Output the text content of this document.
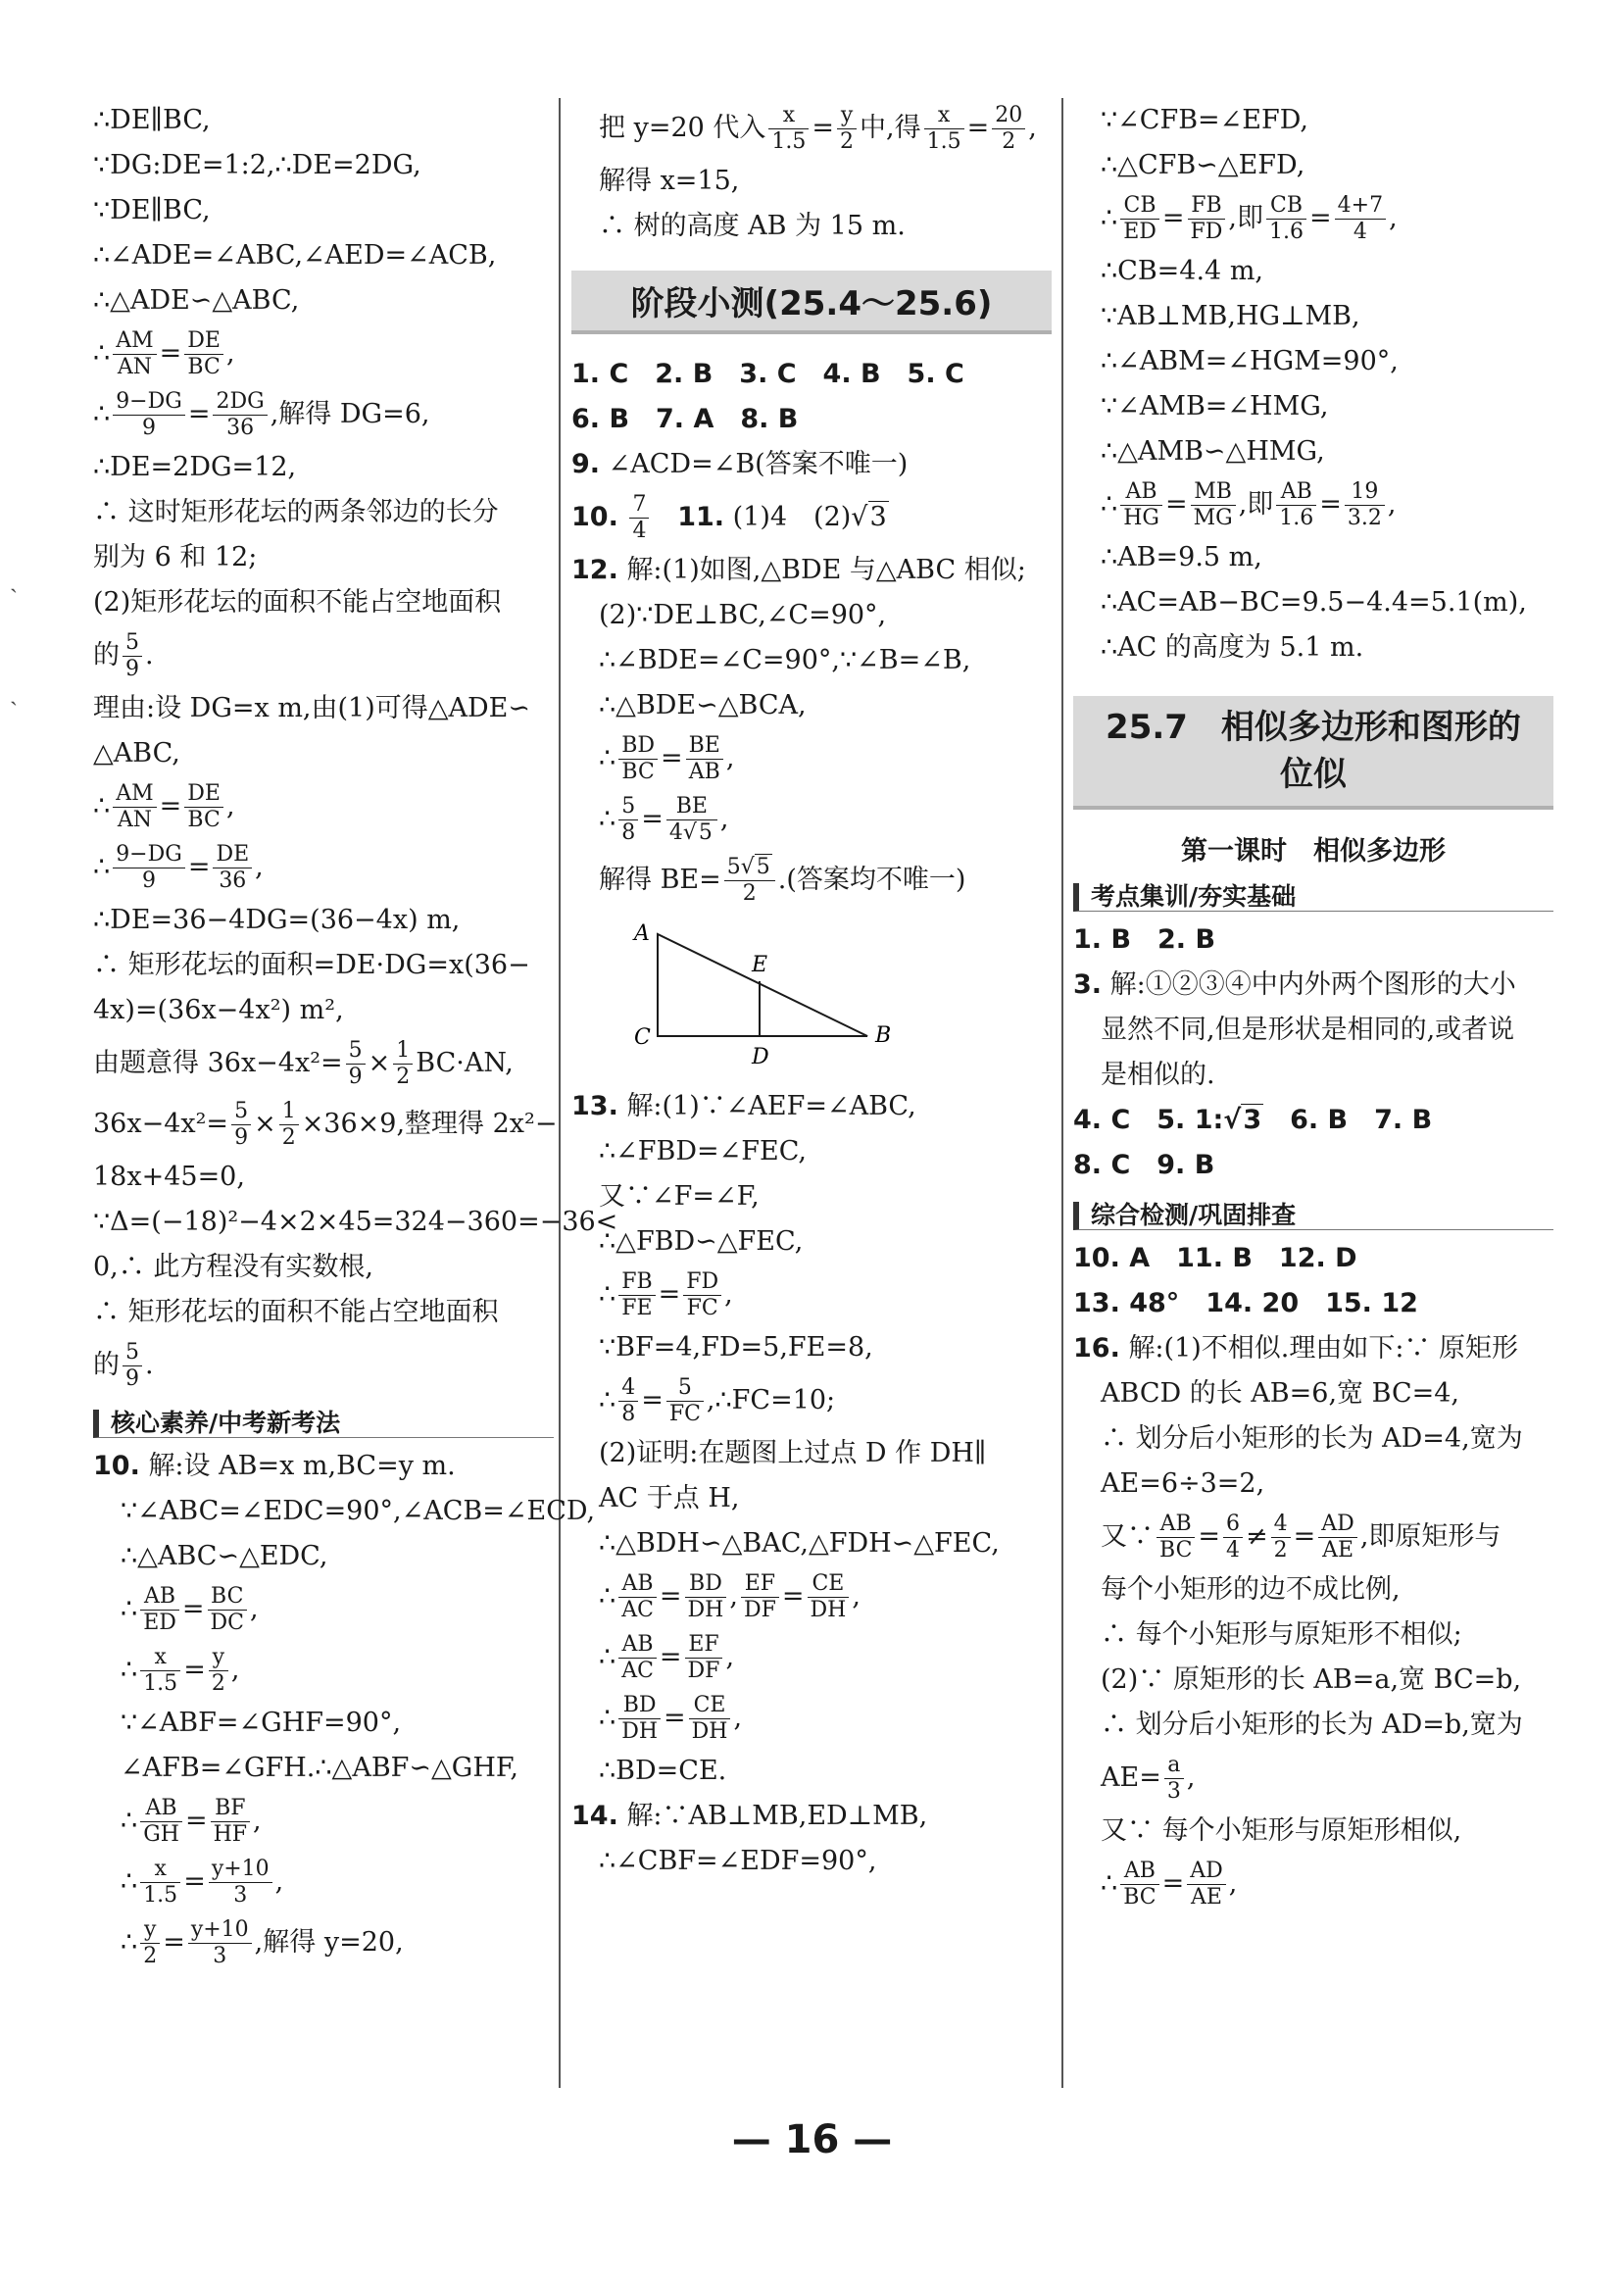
˴
˴
∴DE∥BC,
∵DG:DE=1:2,∴DE=2DG,
∵DE∥BC,
∴∠ADE=∠ABC,∠AED=∠ACB,
∴△ADE∽△ABC,
∴ $\frac{AM}{AN} = \frac{DE}{BC}$ ,
∴ $\frac{9-DG}{9} = \frac{2DG}{36}$ ,解得 DG=6,
∴DE=2DG=12,
∴ 这时矩形花坛的两条邻边的长分
别为 6 和 12;
(2)矩形花坛的面积不能占空地面积
的 $\frac{5}{9}$ .
理由:设 DG=x m,由(1)可得△ADE∽
△ABC,
∴ $\frac{AM}{AN} = \frac{DE}{BC}$ ,
∴ $\frac{9-DG}{9} = \frac{DE}{36}$ ,
∴DE=36−4DG=(36−4x) m,
∴ 矩形花坛的面积=DE·DG=x(36−
4x)=(36x−4x²) m²,
由题意得 $36x-4x^2= \frac{5}{9} \times \frac{1}{2} BC\cdot AN$,
$36x-4x^2= \frac{5}{9} \times \frac{1}{2} \times 36\times 9$,整理得 2x²−
18x+45=0,
∵Δ=(−18)²−4×2×45=324−360=−36<
0,∴ 此方程没有实数根,
∴ 矩形花坛的面积不能占空地面积
的 $\frac{5}{9}$ .
核心素养/中考新考法
10. 解:设 AB=x m,BC=y m.
∵∠ABC=∠EDC=90°,∠ACB=∠ECD,
∴△ABC∽△EDC,
∴ $\frac{AB}{ED} = \frac{BC}{DC}$ ,
∴ $\frac{x}{1.5} = \frac{y}{2}$ ,
∵∠ABF=∠GHF=90°,
∠AFB=∠GFH.∴△ABF∽△GHF,
∴ $\frac{AB}{GH} = \frac{BF}{HF}$ ,
∴ $\frac{x}{1.5} = \frac{y+10}{3}$ ,
∴ $\frac{y}{2} = \frac{y+10}{3}$ ,解得 y=20,
把 y=20 代入 $\frac{x}{1.5} = \frac{y}{2}$ 中,得 $\frac{x}{1.5} = \frac{20}{2}$ ,
解得 x=15,
∴ 树的高度 AB 为 15 m.
阶段小测(25.4～25.6)
1. C　2. B　3. C　4. B　5. C
6. B　7. A　8. B
9. ∠ACD=∠B(答案不唯一)
10. $\frac{7}{4} 11$. (1)4　(2)√3
12. 解:(1)如图,△BDE 与△ABC 相似;
(2)∵DE⊥BC,∠C=90°,
∴∠BDE=∠C=90°,∵∠B=∠B,
∴△BDE∽△BCA,
∴ $\frac{BD}{BC} = \frac{BE}{AB}$ ,
∴ $\frac{5}{8} = \frac{BE}{4√5}$ ,
解得 $BE= \frac{5√5}{2}$ .(答案均不唯一)
A
E
C
D
B
13. 解:(1)∵∠AEF=∠ABC,
∴∠FBD=∠FEC,
又∵∠F=∠F,
∴△FBD∽△FEC,
∴ $\frac{FB}{FE} = \frac{FD}{FC}$ ,
∵BF=4,FD=5,FE=8,
∴ $\frac{4}{8} = \frac{5}{FC}$ ,∴FC=10;
(2)证明:在题图上过点 D 作 DH∥
AC 于点 H,
∴△BDH∽△BAC,△FDH∽△FEC,
∴ $\frac{AB}{AC} = \frac{BD}{DH}$ , $\frac{EF}{DF} = \frac{CE}{DH}$ ,
∴ $\frac{AB}{AC} = \frac{EF}{DF}$ ,
∴ $\frac{BD}{DH} = \frac{CE}{DH}$ ,
∴BD=CE.
14. 解:∵AB⊥MB,ED⊥MB,
∴∠CBF=∠EDF=90°,
∵∠CFB=∠EFD,
∴△CFB∽△EFD,
∴ $\frac{CB}{ED} = \frac{FB}{FD}$ ,即 $\frac{CB}{1.6} = \frac{4+7}{4}$ ,
∴CB=4.4 m,
∵AB⊥MB,HG⊥MB,
∴∠ABM=∠HGM=90°,
∵∠AMB=∠HMG,
∴△AMB∽△HMG,
∴ $\frac{AB}{HG} = \frac{MB}{MG}$ ,即 $\frac{AB}{1.6} = \frac{19}{3.2}$ ,
∴AB=9.5 m,
∴AC=AB−BC=9.5−4.4=5.1(m),
∴AC 的高度为 5.1 m.
25.7　相似多边形和图形的
位似
第一课时　相似多边形
考点集训/夯实基础
1. B　2. B
3. 解:①②③④中内外两个图形的大小
显然不同,但是形状是相同的,或者说
是相似的.
4. C　5. 1:√3　6. B　7. B
8. C　9. B
综合检测/巩固排查
10. A　11. B　12. D
13. 48°　14. 20　15. 12
16. 解:(1)不相似.理由如下:∵ 原矩形
ABCD 的长 AB=6,宽 BC=4,
∴ 划分后小矩形的长为 AD=4,宽为
AE=6÷3=2,
又∵ $\frac{AB}{BC} = \frac{6}{4} \ne \frac{4}{2} = \frac{AD}{AE}$ ,即原矩形与
每个小矩形的边不成比例,
∴ 每个小矩形与原矩形不相似;
(2)∵ 原矩形的长 AB=a,宽 BC=b,
∴ 划分后小矩形的长为 AD=b,宽为
$AE= \frac{a}{3}$ ,
又∵ 每个小矩形与原矩形相似,
∴ $\frac{AB}{BC} = \frac{AD}{AE}$ ,
— 16 —
